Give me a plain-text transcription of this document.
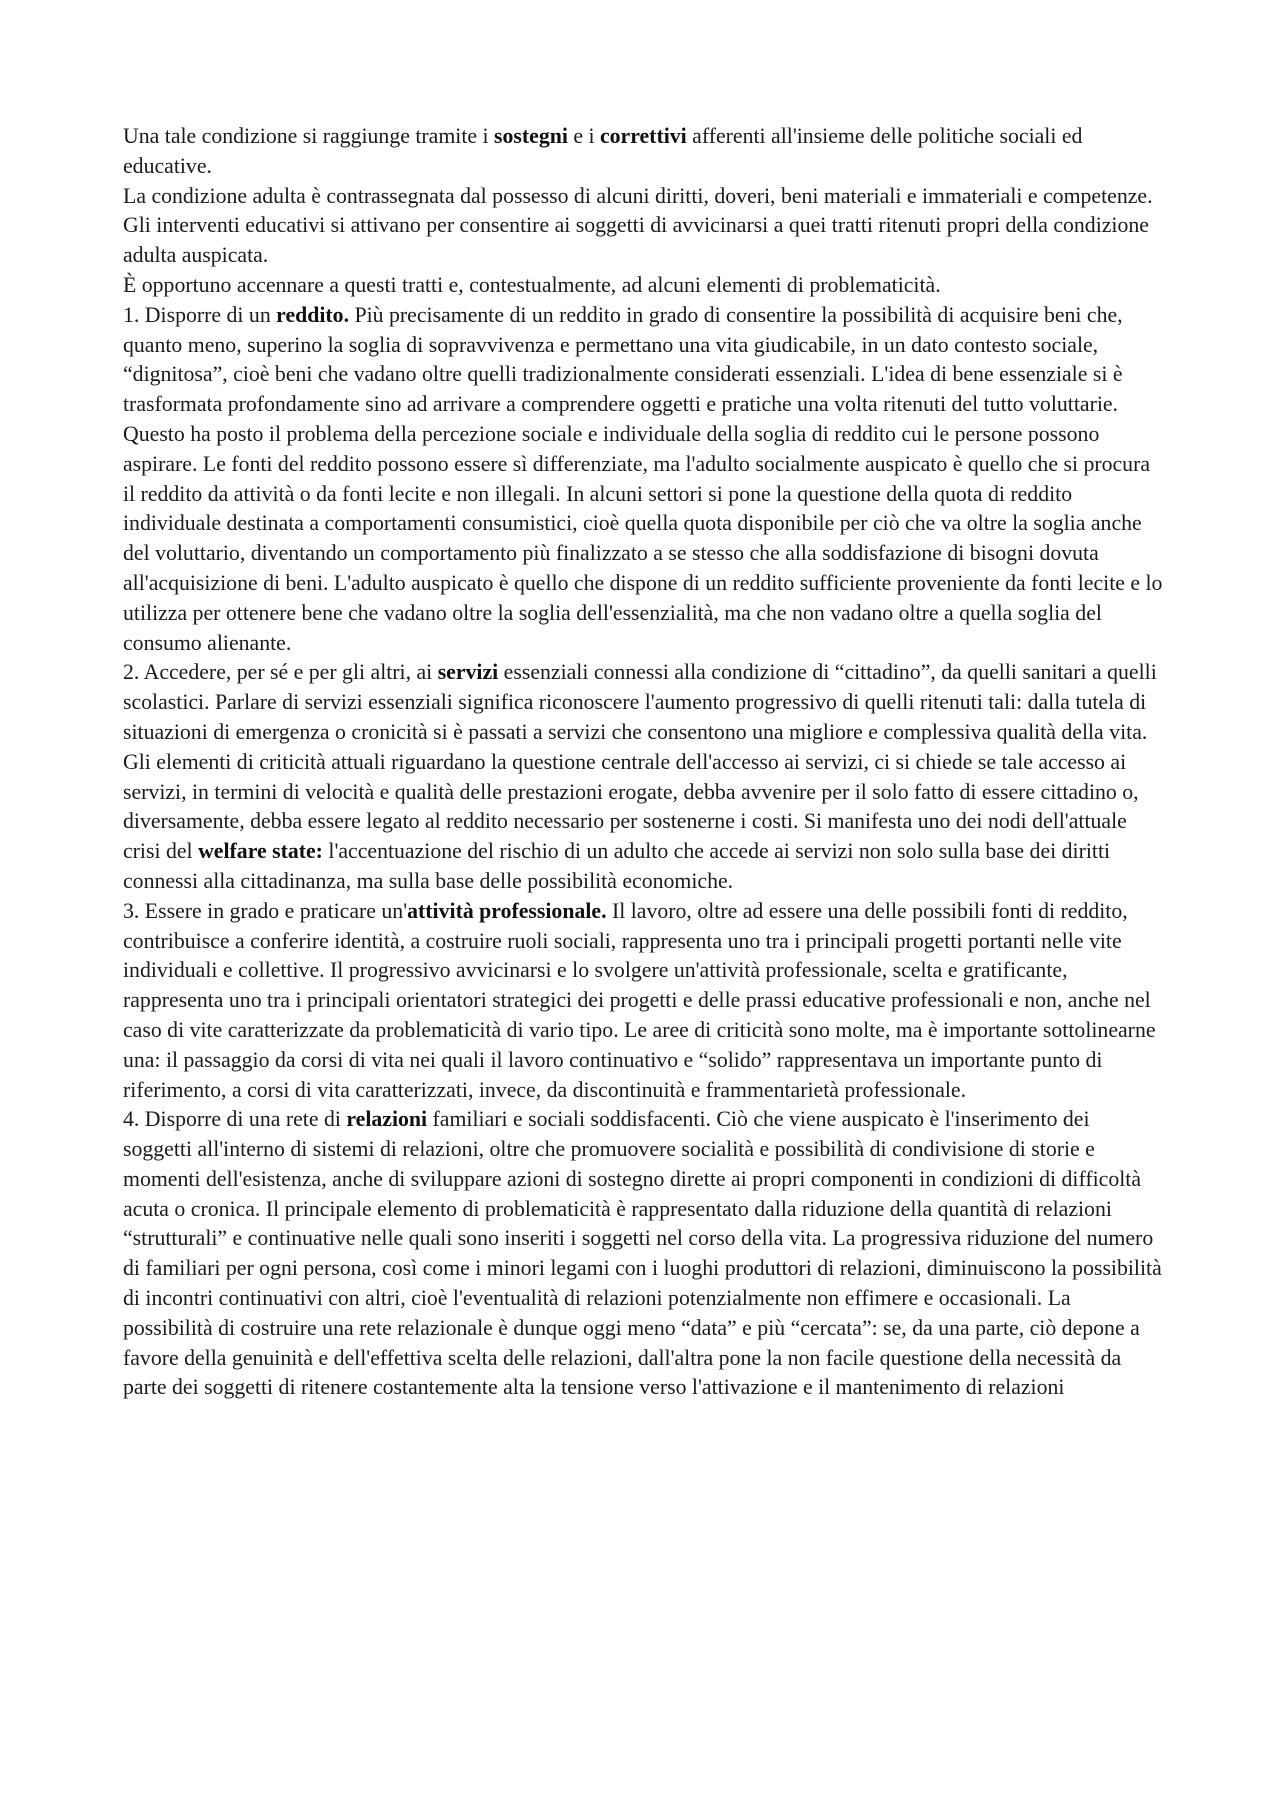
Una tale condizione si raggiunge tramite i sostegni e i correttivi afferenti all'insieme delle politiche sociali ed educative.

La condizione adulta è contrassegnata dal possesso di alcuni diritti, doveri, beni materiali e immateriali e competenze.

Gli interventi educativi si attivano per consentire ai soggetti di avvicinarsi a quei tratti ritenuti propri della condizione adulta auspicata.

È opportuno accennare a questi tratti e, contestualmente, ad alcuni elementi di problematicità.

1. Disporre di un reddito. Più precisamente di un reddito in grado di consentire la possibilità di acquisire beni che, quanto meno, superino la soglia di sopravvivenza e permettano una vita giudicabile, in un dato contesto sociale, “dignitosa”, cioè beni che vadano oltre quelli tradizionalmente considerati essenziali. L'idea di bene essenziale si è trasformata profondamente sino ad arrivare a comprendere oggetti e pratiche una volta ritenuti del tutto voluttarie. Questo ha posto il problema della percezione sociale e individuale della soglia di reddito cui le persone possono aspirare. Le fonti del reddito possono essere sì differenziate, ma l'adulto socialmente auspicato è quello che si procura il reddito da attività o da fonti lecite e non illegali. In alcuni settori si pone la questione della quota di reddito individuale destinata a comportamenti consumistici, cioè quella quota disponibile per ciò che va oltre la soglia anche del voluttario, diventando un comportamento più finalizzato a se stesso che alla soddisfazione di bisogni dovuta all'acquisizione di beni. L'adulto auspicato è quello che dispone di un reddito sufficiente proveniente da fonti lecite e lo utilizza per ottenere bene che vadano oltre la soglia dell'essenzialità, ma che non vadano oltre a quella soglia del consumo alienante.

2. Accedere, per sé e per gli altri, ai servizi essenziali connessi alla condizione di “cittadino”, da quelli sanitari a quelli scolastici. Parlare di servizi essenziali significa riconoscere l'aumento progressivo di quelli ritenuti tali: dalla tutela di situazioni di emergenza o cronicità si è passati a servizi che consentono una migliore e complessiva qualità della vita. Gli elementi di criticità attuali riguardano la questione centrale dell'accesso ai servizi, ci si chiede se tale accesso ai servizi, in termini di velocità e qualità delle prestazioni erogate, debba avvenire per il solo fatto di essere cittadino o, diversamente, debba essere legato al reddito necessario per sostenerne i costi. Si manifesta uno dei nodi dell'attuale crisi del welfare state: l'accentuazione del rischio di un adulto che accede ai servizi non solo sulla base dei diritti connessi alla cittadinanza, ma sulla base delle possibilità economiche.

3. Essere in grado e praticare un'attività professionale. Il lavoro, oltre ad essere una delle possibili fonti di reddito, contribuisce a conferire identità, a costruire ruoli sociali, rappresenta uno tra i principali progetti portanti nelle vite individuali e collettive. Il progressivo avvicinarsi e lo svolgere un'attività professionale, scelta e gratificante, rappresenta uno tra i principali orientatori strategici dei progetti e delle prassi educative professionali e non, anche nel caso di vite caratterizzate da problematicità di vario tipo. Le aree di criticità sono molte, ma è importante sottolinearne una: il passaggio da corsi di vita nei quali il lavoro continuativo e “solido” rappresentava un importante punto di riferimento, a corsi di vita caratterizzati, invece, da discontinuità e frammentarietà professionale.

4. Disporre di una rete di relazioni familiari e sociali soddisfacenti. Ciò che viene auspicato è l'inserimento dei soggetti all'interno di sistemi di relazioni, oltre che promuovere socialità e possibilità di condivisione di storie e momenti dell'esistenza, anche di sviluppare azioni di sostegno dirette ai propri componenti in condizioni di difficoltà acuta o cronica. Il principale elemento di problematicità è rappresentato dalla riduzione della quantità di relazioni “strutturali” e continuative nelle quali sono inseriti i soggetti nel corso della vita. La progressiva riduzione del numero di familiari per ogni persona, così come i minori legami con i luoghi produttori di relazioni, diminuiscono la possibilità di incontri continuativi con altri, cioè l'eventualità di relazioni potenzialmente non effimere e occasionali. La possibilità di costruire una rete relazionale è dunque oggi meno “data” e più “cercata”: se, da una parte, ciò depone a favore della genuinità e dell'effettiva scelta delle relazioni, dall'altra pone la non facile questione della necessità da parte dei soggetti di ritenere costantemente alta la tensione verso l'attivazione e il mantenimento di relazioni
